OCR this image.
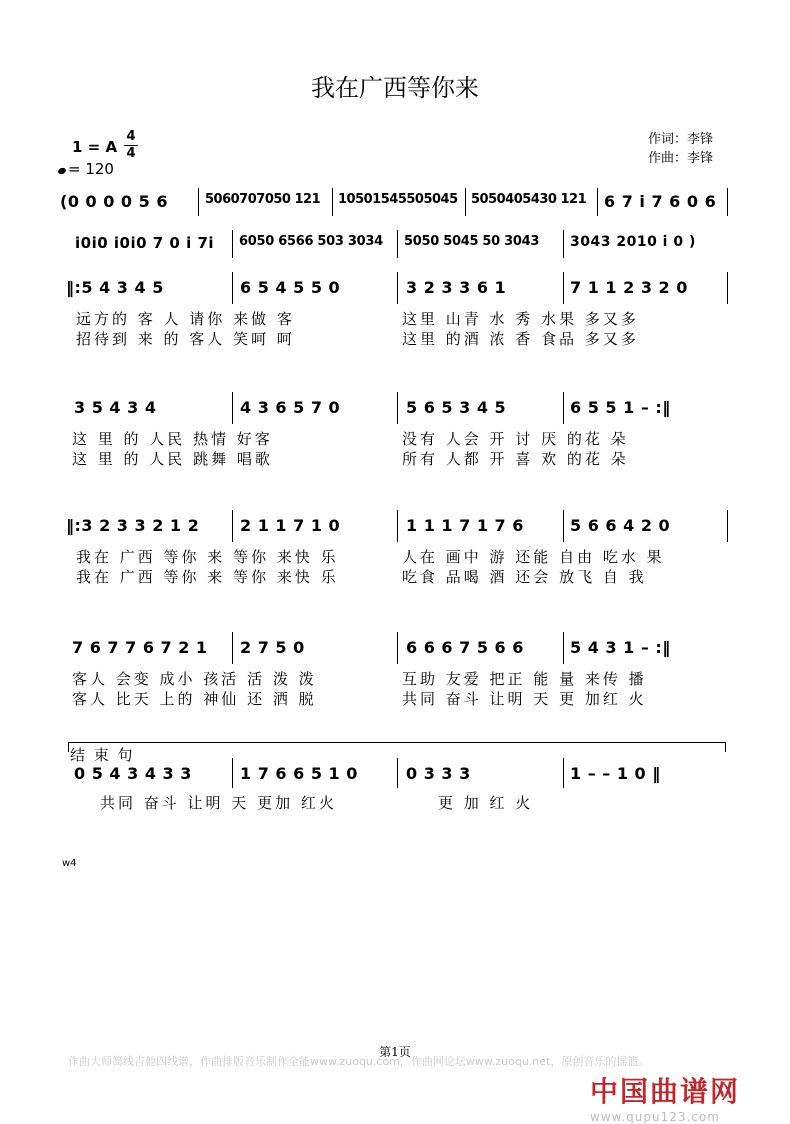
我在广西等你来
1 = A
4
4
= 120
作词：李锋
作曲：李锋
(0 0 0 0 5 6	5060707050 121 10501545505045 5050405430 121 6 7 i 7 6 0 6
i0i0 i0i0 7 0 i 7i 6050 6566 503 3034 5050 5045 50 3043 3043 2010 i 0 )
‖:5 4 3 4 5	6 5 4 5 5 0	3 2 3 3 6 1	7 1 1 2 3 2 0
远方的 客 人 请你 来做 客	这里 山青 水 秀 水果 多又多
招待到 来 的 客人 笑呵 呵	这里 的酒 浓 香 食品 多又多
3 5 4 3 4	4 3 6 5 7 0	5 6 5 3 4 5	6 5 5 1 – :‖
这 里 的 人民 热情 好客	没有 人会 开 讨 厌 的花 朵
这 里 的 人民 跳舞 唱歌	所有 人都 开 喜 欢 的花 朵
‖:3 2 3 3 2 1 2	2 1 1 7 1 0	1 1 1 7 1 7 6	5 6 6 4 2 0
我在 广西 等你 来 等你 来快 乐	人在 画中 游 还能 自由 吃水 果
我在 广西 等你 来 等你 来快 乐	吃食 品喝 酒 还会 放飞 自 我
7 6 7 7 6 7 2 1 2 7 5 0	6 6 6 7 5 6 6	5 4 3 1 – :‖
客人 会变 成小 孩活 活 泼 泼	互助 友爱 把正 能 量 来传 播
客人 比天 上的 神仙 还 洒 脱	共同 奋斗 让明 天 更 加红 火
结 束 句
0 5 4 3 4 3 3	1 7 6 6 5 1 0	0 3 3 3	1 – – 1 0 ‖
共同 奋斗 让明 天 更加 红火	更 加 红 火
w4
第1页
作曲大师简线吉他四线谱，作曲排版音乐制作全能www.zuoqu.com，作曲网论坛www.zuoqu.net，原创音乐的摇篮。
中国曲谱网
www.qupu123.com
